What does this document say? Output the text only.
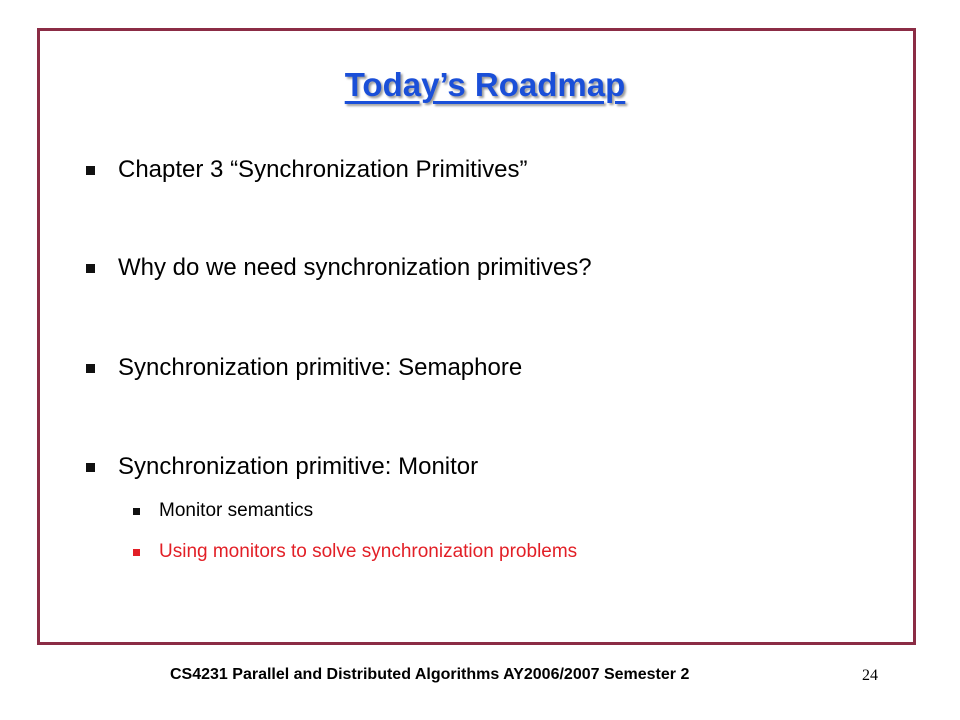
Today’s Roadmap
Chapter 3 “Synchronization Primitives”
Why do we need synchronization primitives?
Synchronization primitive: Semaphore
Synchronization primitive: Monitor
Monitor semantics
Using monitors to solve synchronization problems
CS4231 Parallel and Distributed Algorithms AY2006/2007 Semester 2	24
